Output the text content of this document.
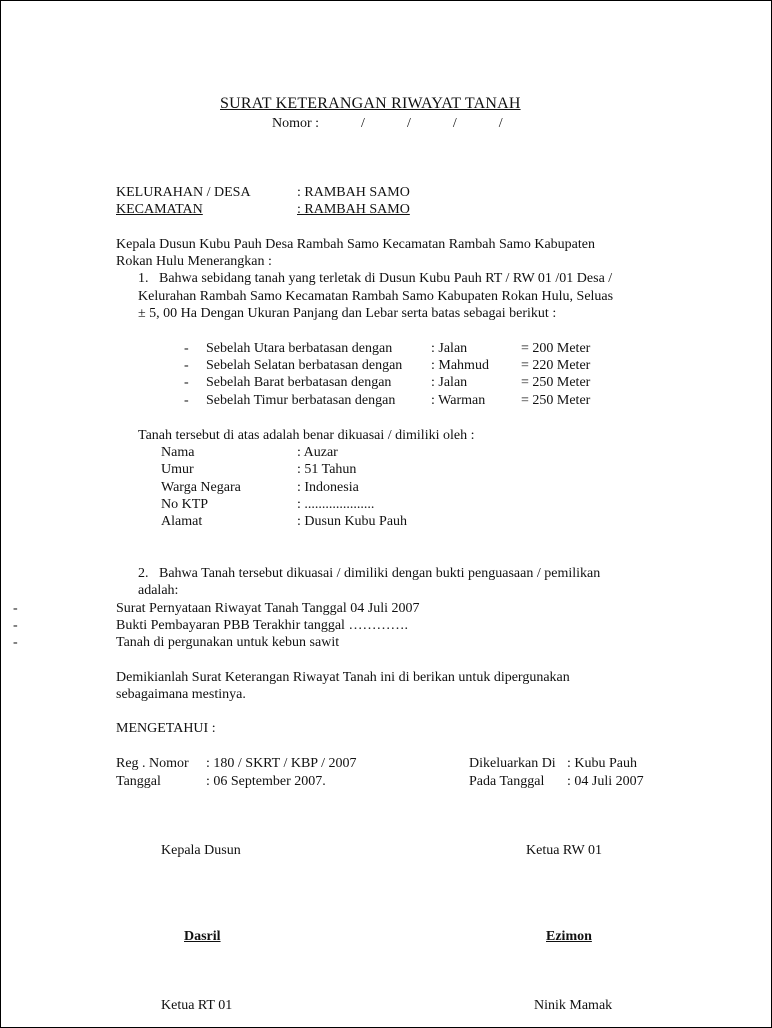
SURAT KETERANGAN RIWAYAT TANAH
Nomor :            /            /            /            /
KELURAHAN / DESA	: RAMBAH SAMO
KECAMATAN	: RAMBAH SAMO
Kepala Dusun Kubu Pauh Desa Rambah Samo Kecamatan Rambah Samo Kabupaten
Rokan Hulu Menerangkan :
1.   Bahwa sebidang tanah yang terletak di Dusun Kubu Pauh RT / RW 01 /01 Desa /
Kelurahan Rambah Samo Kecamatan Rambah Samo Kabupaten Rokan Hulu, Seluas
± 5, 00 Ha Dengan Ukuran Panjang dan Lebar serta batas sebagai berikut :
- Sebelah Utara berbatasan dengan	: Jalan	= 200 Meter
- Sebelah Selatan berbatasan dengan : Mahmud = 220 Meter
- Sebelah Barat berbatasan dengan	: Jalan	= 250 Meter
- Sebelah Timur berbatasan dengan	: Warman	= 250 Meter
Tanah tersebut di atas adalah benar dikuasai / dimiliki oleh :
Nama	: Auzar
Umur	: 51 Tahun
Warga Negara	: Indonesia
No KTP	: ....................
Alamat	: Dusun Kubu Pauh
2.   Bahwa Tanah tersebut dikuasai / dimiliki dengan bukti penguasaan / pemilikan
adalah:
-	Surat Pernyataan Riwayat Tanah Tanggal 04 Juli 2007
-	Bukti Pembayaran PBB Terakhir tanggal ………….
-	Tanah di pergunakan untuk kebun sawit
Demikianlah Surat Keterangan Riwayat Tanah ini di berikan untuk dipergunakan
sebagaimana mestinya.
MENGETAHUI :
Reg . Nomor : 180 / SKRT / KBP / 2007
Tanggal	: 06 September 2007.
Dikeluarkan Di : Kubu Pauh
Pada Tanggal : 04 Juli 2007
Kepala Dusun	Ketua RW 01
Dasril	Ezimon
Ketua RT 01	Ninik Mamak
